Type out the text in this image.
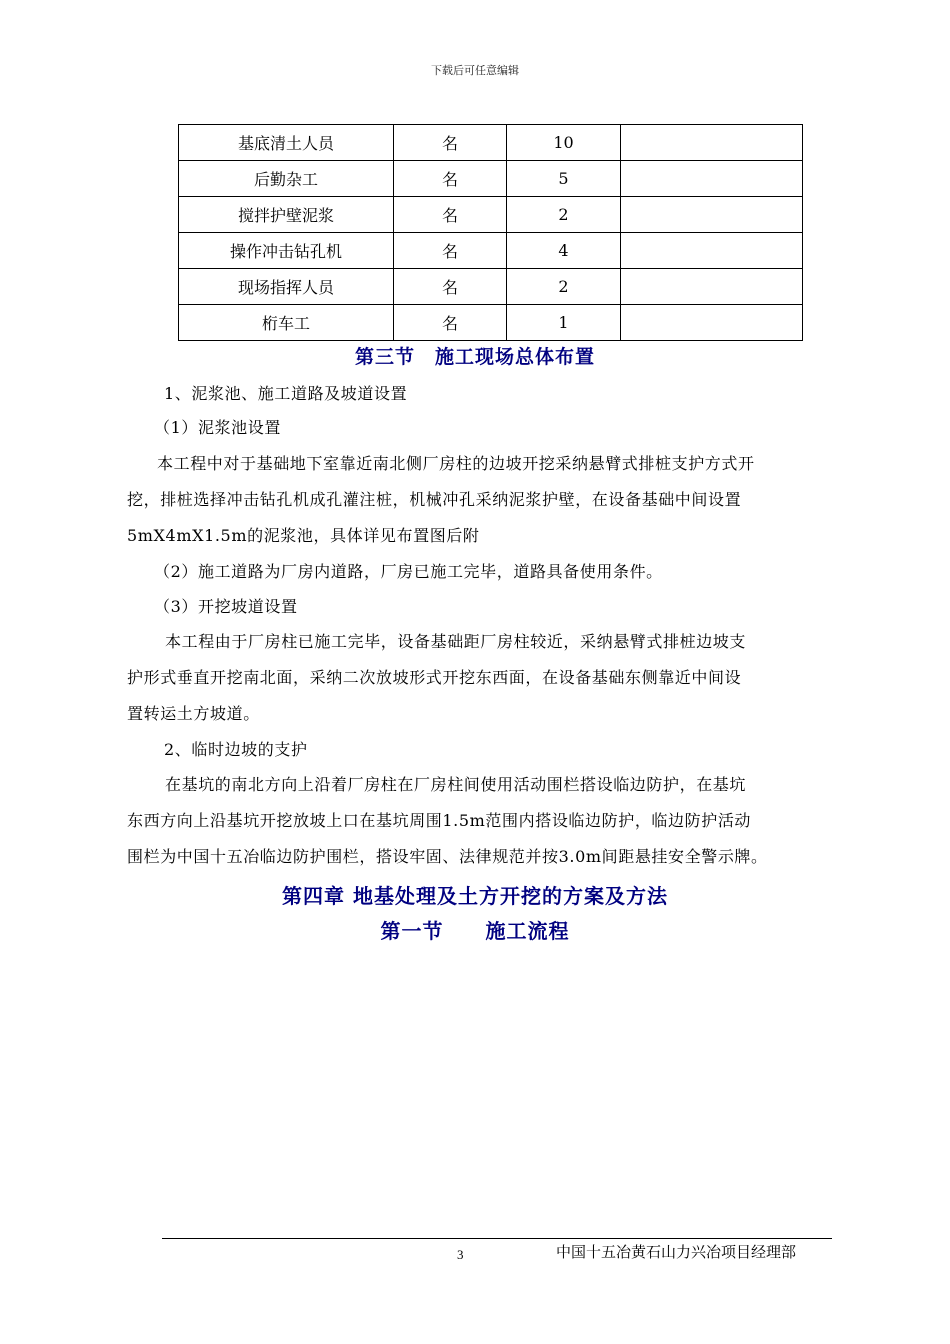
下载后可任意编辑
基底清土人员	名	10	
后勤杂工	名	5	
搅拌护壁泥浆	名	2	
操作冲击钻孔机	名	4	
现场指挥人员	名	2	
桁车工	名	1	
第三节　施工现场总体布置
1、泥浆池、施工道路及坡道设置
（1）泥浆池设置
本工程中对于基础地下室靠近南北侧厂房柱的边坡开挖采纳悬臂式排桩支护方式开
挖，排桩选择冲击钻孔机成孔灌注桩，机械冲孔采纳泥浆护壁，在设备基础中间设置
5mX4mX1.5m的泥浆池，具体详见布置图后附
（2）施工道路为厂房内道路，厂房已施工完毕，道路具备使用条件。
（3）开挖坡道设置
本工程由于厂房柱已施工完毕，设备基础距厂房柱较近，采纳悬臂式排桩边坡支
护形式垂直开挖南北面，采纳二次放坡形式开挖东西面，在设备基础东侧靠近中间设
置转运土方坡道。
2、临时边坡的支护
在基坑的南北方向上沿着厂房柱在厂房柱间使用活动围栏搭设临边防护，在基坑
东西方向上沿基坑开挖放坡上口在基坑周围1.5m范围内搭设临边防护，临边防护活动
围栏为中国十五冶临边防护围栏，搭设牢固、法律规范并按3.0m间距悬挂安全警示牌。
第四章 地基处理及土方开挖的方案及方法
第一节　　施工流程
3	中国十五冶黄石山力兴冶项目经理部
